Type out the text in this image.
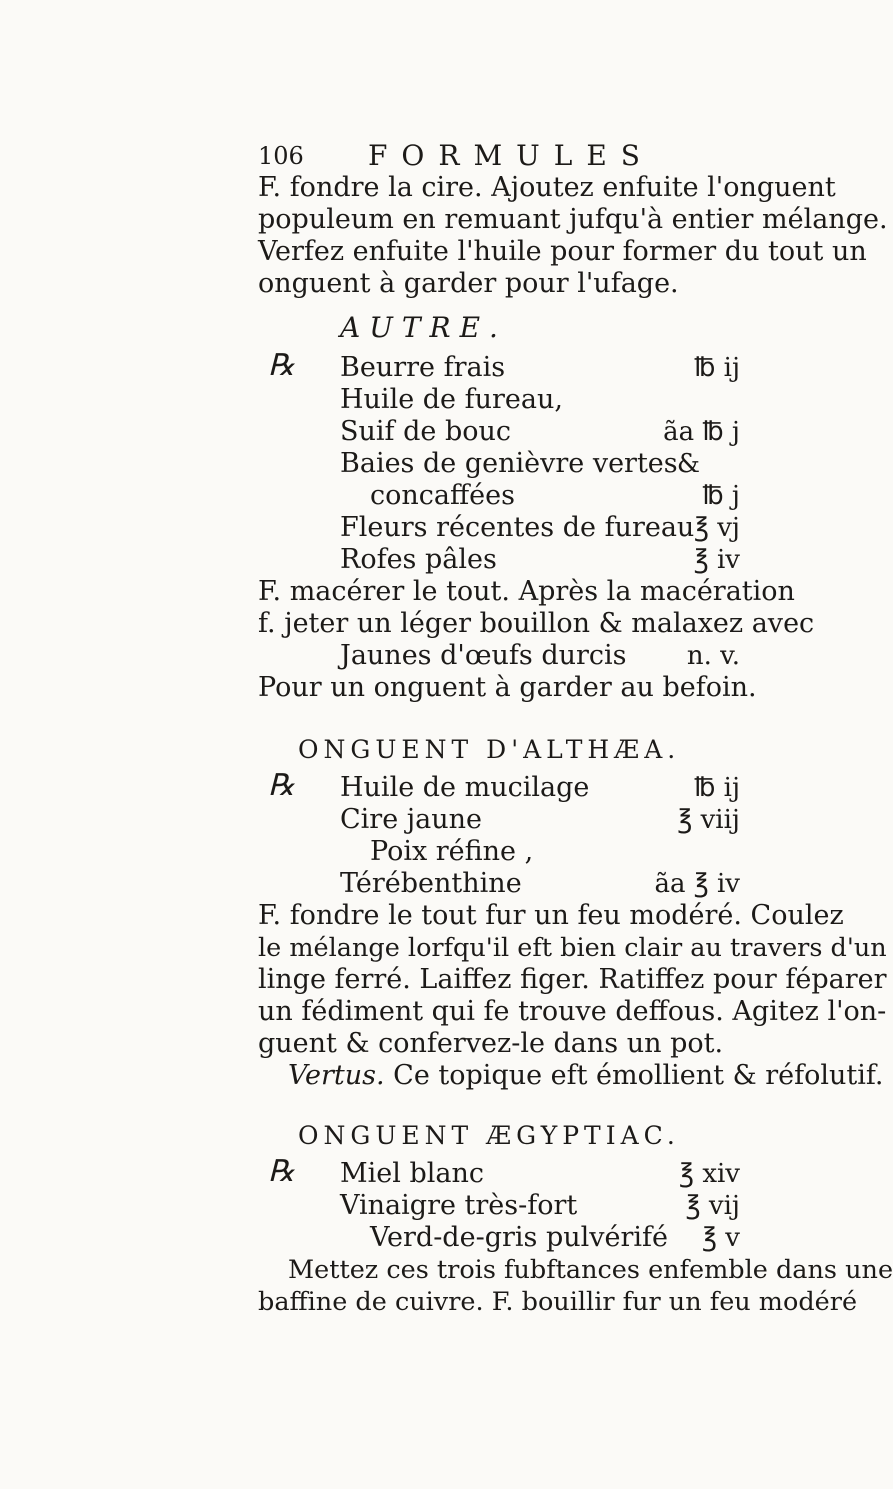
106 FORMULES
F. fondre la cire. Ajoutez enfuite l'onguent
populeum en remuant jufqu'à entier mélange.
Verfez enfuite l'huile pour former du tout un
onguent à garder pour l'ufage.
AUTRE.
℞ Beurre frais	℔ ij
Huile de fureau,
Suif de bouc	ãa ℔ j
Baies de genièvre vertes &
concaffées	℔ j
Fleurs récentes de fureau ℥ vj
Rofes pâles	℥ iv
F. macérer le tout. Après la macération
f. jeter un léger bouillon & malaxez avec
Jaunes d'œufs durcis n. v.
Pour un onguent à garder au befoin.
ONGUENT D'ALTHÆA.
℞ Huile de mucilage	℔ ij
Cire jaune	℥ viij
Poix réfine ,
Térébenthine	ãa ℥ iv
F. fondre le tout fur un feu modéré. Coulez
le mélange lorfqu'il eft bien clair au travers d'un
linge ferré. Laiffez figer. Ratiffez pour féparer
un fédiment qui fe trouve deffous. Agitez l'on-
guent & confervez-le dans un pot.
Vertus. Ce topique eft émollient & réfolutif.
ONGUENT ÆGYPTIAC.
℞ Miel blanc	℥ xiv
Vinaigre très-fort	℥ vij
Verd-de-gris pulvérifé ℥ v
Mettez ces trois fubftances enfemble dans une
baffine de cuivre. F. bouillir fur un feu modéré
